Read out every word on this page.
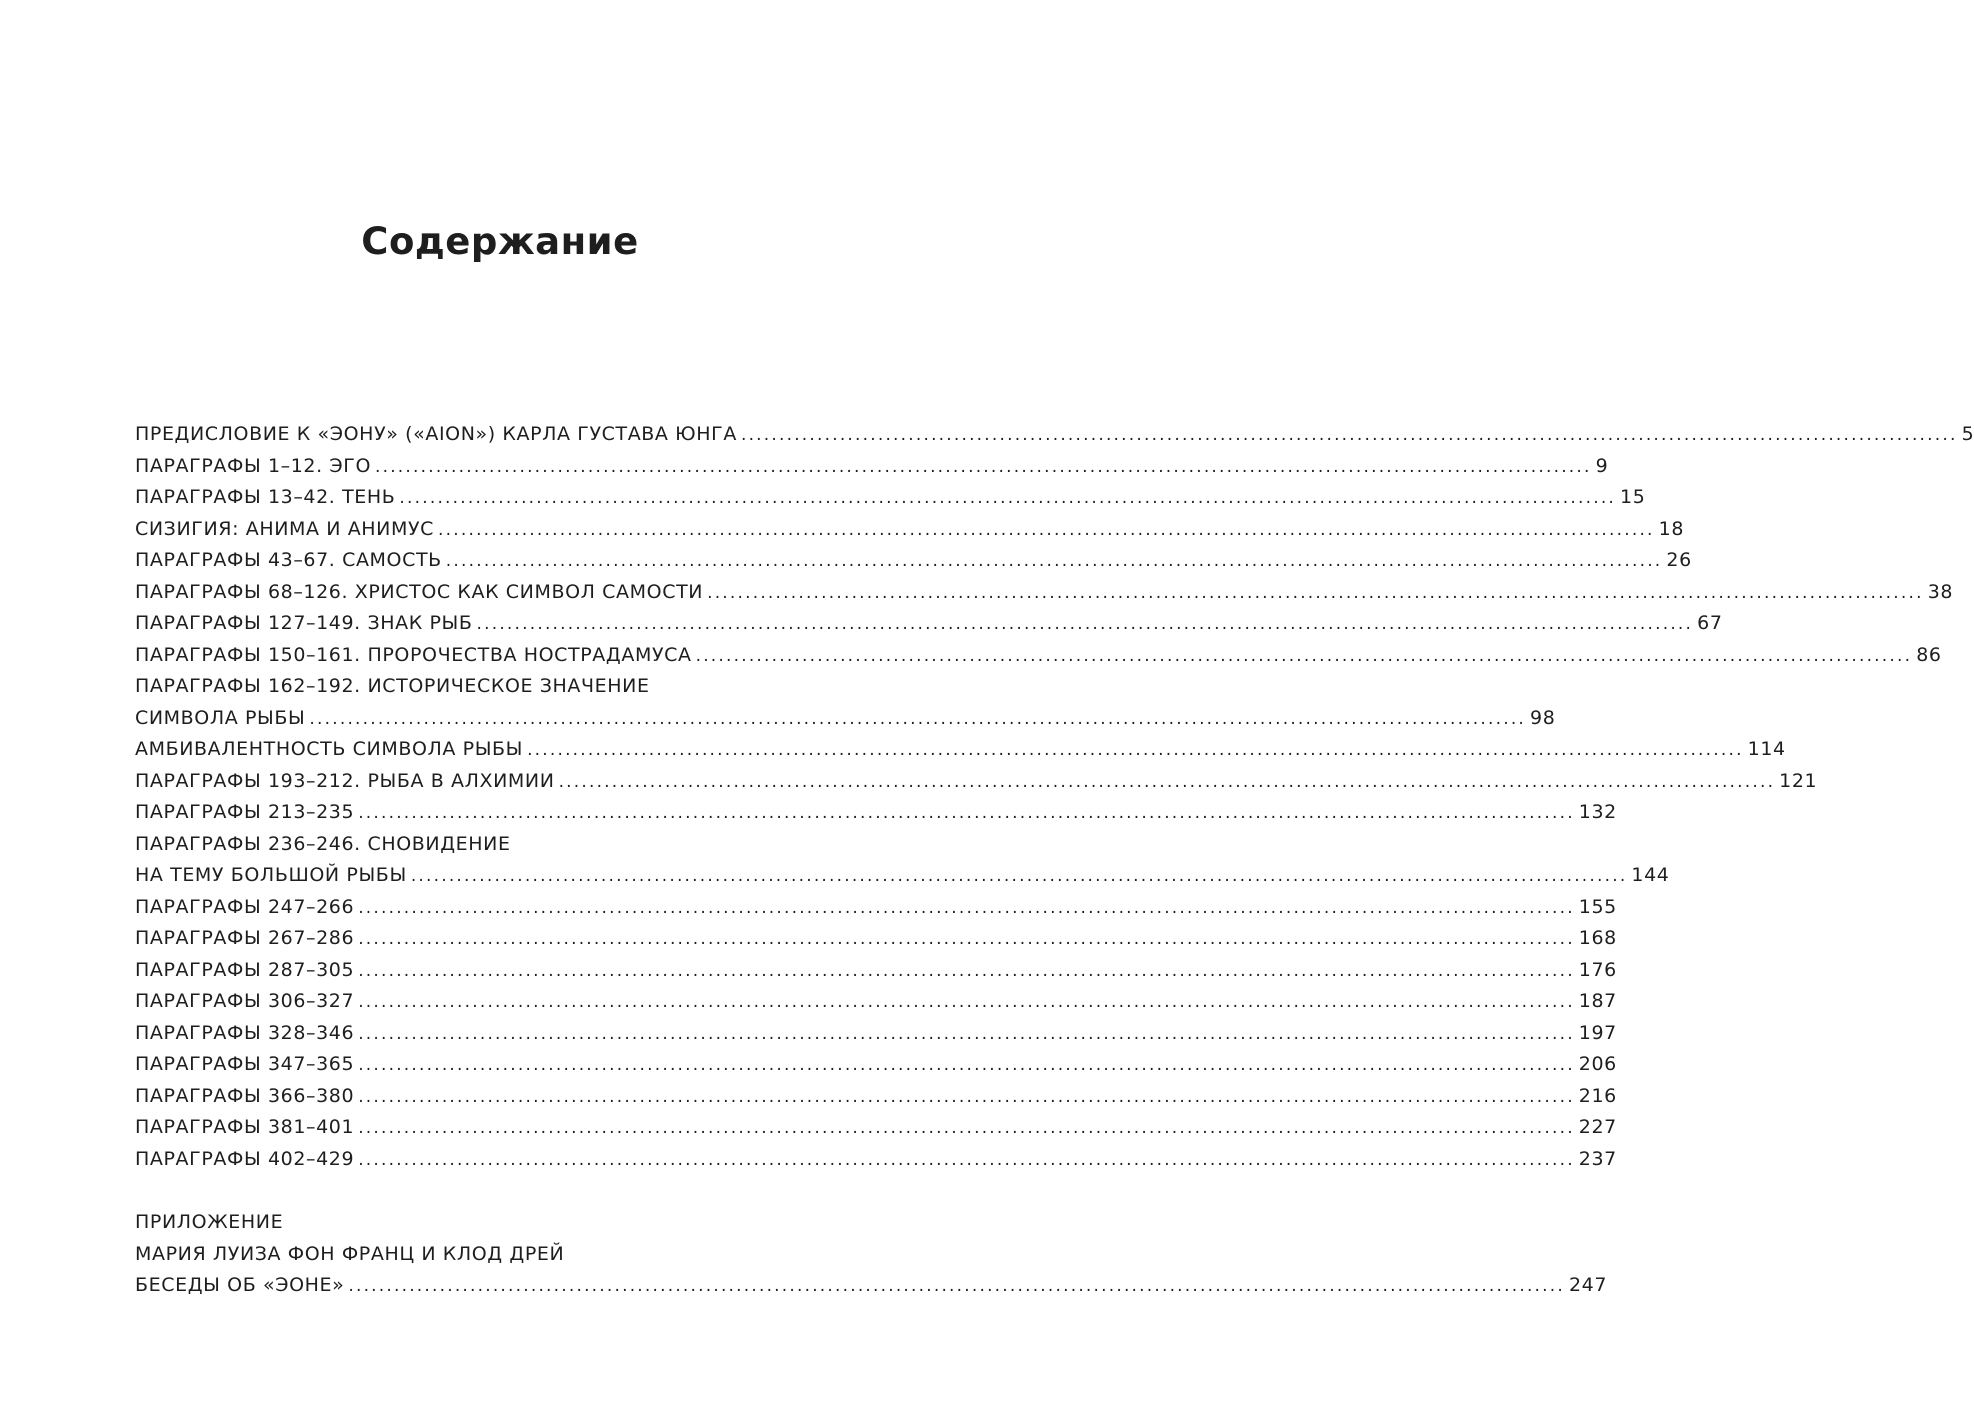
Содержание
ПРЕДИСЛОВИЕ К «ЭОНУ» («AION») КАРЛА ГУСТАВА ЮНГА ................................................................................................................................................................ 5
ПАРАГРАФЫ 1–12. ЭГО ................................................................................................................................................................ 9
ПАРАГРАФЫ 13–42. ТЕНЬ ................................................................................................................................................................ 15
СИЗИГИЯ: АНИМА И АНИМУС ................................................................................................................................................................ 18
ПАРАГРАФЫ 43–67. САМОСТЬ ................................................................................................................................................................ 26
ПАРАГРАФЫ 68–126. ХРИСТОС КАК СИМВОЛ САМОСТИ ................................................................................................................................................................ 38
ПАРАГРАФЫ 127–149. ЗНАК РЫБ ................................................................................................................................................................ 67
ПАРАГРАФЫ 150–161. ПРОРОЧЕСТВА НОСТРАДАМУСА ................................................................................................................................................................ 86
ПАРАГРАФЫ 162–192. ИСТОРИЧЕСКОЕ ЗНАЧЕНИЕ
СИМВОЛА РЫБЫ ................................................................................................................................................................ 98
АМБИВАЛЕНТНОСТЬ СИМВОЛА РЫБЫ ................................................................................................................................................................ 114
ПАРАГРАФЫ 193–212. РЫБА В АЛХИМИИ ................................................................................................................................................................ 121
ПАРАГРАФЫ 213–235 ................................................................................................................................................................ 132
ПАРАГРАФЫ 236–246. СНОВИДЕНИЕ
НА ТЕМУ БОЛЬШОЙ РЫБЫ ................................................................................................................................................................ 144
ПАРАГРАФЫ 247–266 ................................................................................................................................................................ 155
ПАРАГРАФЫ 267–286 ................................................................................................................................................................ 168
ПАРАГРАФЫ 287–305 ................................................................................................................................................................ 176
ПАРАГРАФЫ 306–327 ................................................................................................................................................................ 187
ПАРАГРАФЫ 328–346 ................................................................................................................................................................ 197
ПАРАГРАФЫ 347–365 ................................................................................................................................................................ 206
ПАРАГРАФЫ 366–380 ................................................................................................................................................................ 216
ПАРАГРАФЫ 381–401 ................................................................................................................................................................ 227
ПАРАГРАФЫ 402–429 ................................................................................................................................................................ 237
ПРИЛОЖЕНИЕ
МАРИЯ ЛУИЗА ФОН ФРАНЦ И КЛОД ДРЕЙ
БЕСЕДЫ ОБ «ЭОНЕ» ................................................................................................................................................................ 247
